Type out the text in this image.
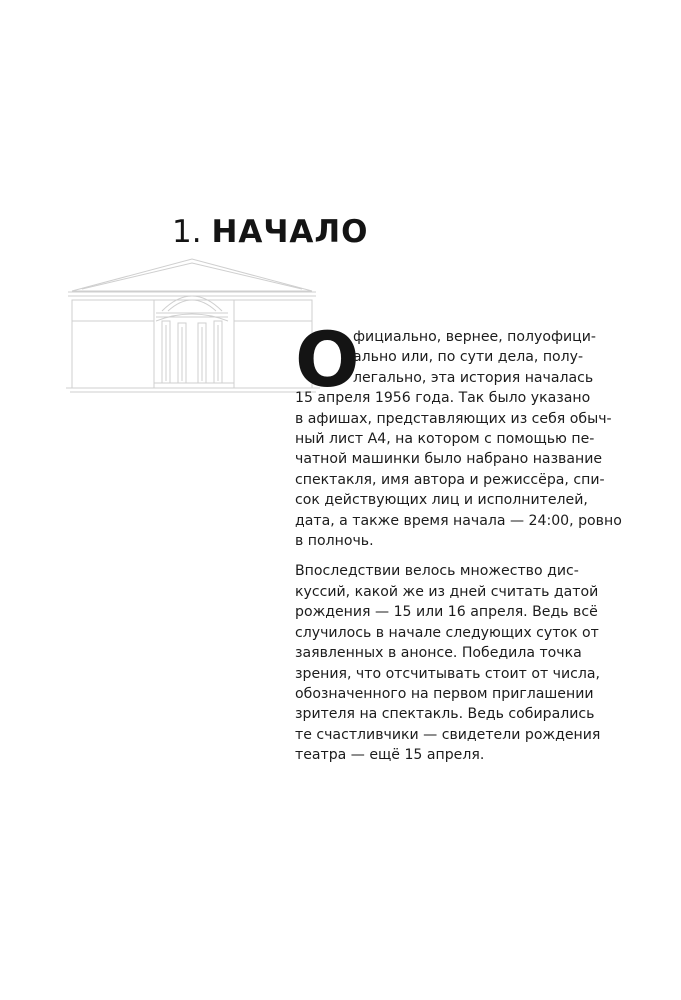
1. НАЧАЛО

О
фициально, вернее, полуофици-
ально или, по сути дела, полу-
легально, эта история началась
15 апреля 1956 года. Так было указано
в афишах, представляющих из себя обыч-
ный лист А4, на котором с помощью пе-
чатной машинки было набрано название
спектакля, имя автора и режиссёра, спи-
сок действующих лиц и исполнителей,
дата, а также время начала — 24:00, ровно
в полночь.

Впоследствии велось множество дис-
куссий, какой же из дней считать датой
рождения — 15 или 16 апреля. Ведь всё
случилось в начале следующих суток от
заявленных в анонсе. Победила точка
зрения, что отсчитывать стоит от числа,
обозначенного на первом приглашении
зрителя на спектакль. Ведь собирались
те счастливчики — свидетели рождения
театра — ещё 15 апреля.
